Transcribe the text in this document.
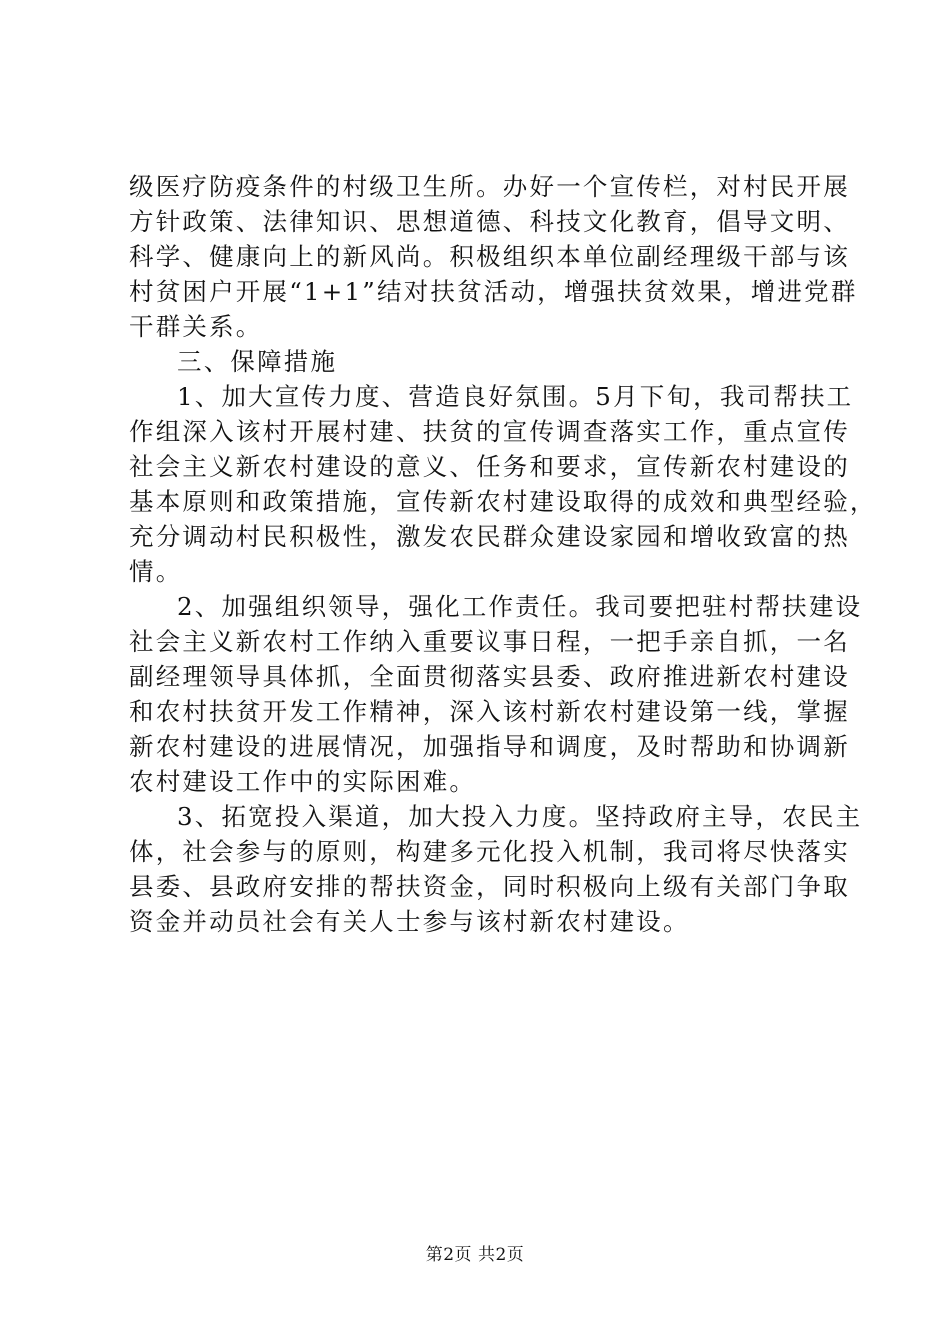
级医疗防疫条件的村级卫生所。办好一个宣传栏，对村民开展
方针政策、法律知识、思想道德、科技文化教育，倡导文明、
科学、健康向上的新风尚。积极组织本单位副经理级干部与该
村贫困户开展“1+1”结对扶贫活动，增强扶贫效果，增进党群
干群关系。
三、保障措施
1、加大宣传力度、营造良好氛围。5月下旬，我司帮扶工
作组深入该村开展村建、扶贫的宣传调查落实工作，重点宣传
社会主义新农村建设的意义、任务和要求，宣传新农村建设的
基本原则和政策措施，宣传新农村建设取得的成效和典型经验，
充分调动村民积极性，激发农民群众建设家园和增收致富的热
情。
2、加强组织领导，强化工作责任。我司要把驻村帮扶建设
社会主义新农村工作纳入重要议事日程，一把手亲自抓，一名
副经理领导具体抓，全面贯彻落实县委、政府推进新农村建设
和农村扶贫开发工作精神，深入该村新农村建设第一线，掌握
新农村建设的进展情况，加强指导和调度，及时帮助和协调新
农村建设工作中的实际困难。
3、拓宽投入渠道，加大投入力度。坚持政府主导，农民主
体，社会参与的原则，构建多元化投入机制，我司将尽快落实
县委、县政府安排的帮扶资金，同时积极向上级有关部门争取
资金并动员社会有关人士参与该村新农村建设。
第2页 共2页
